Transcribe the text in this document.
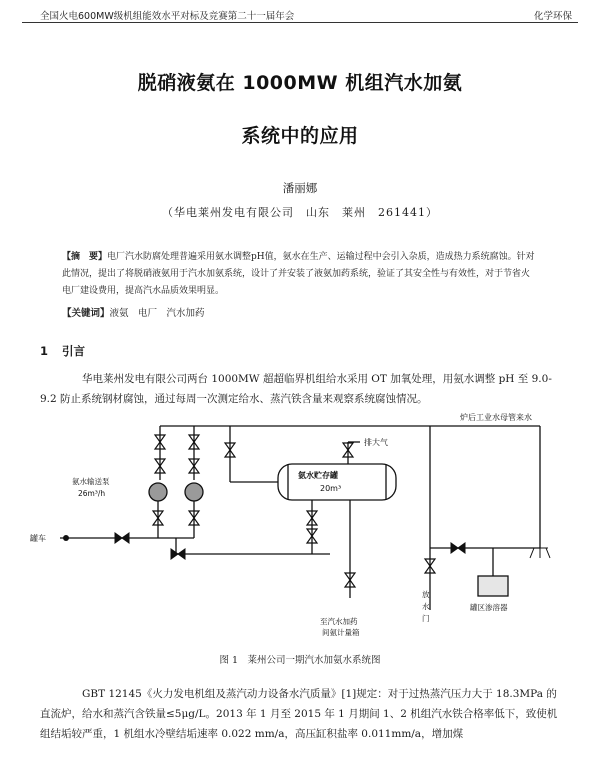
全国火电600MW级机组能效水平对标及竞赛第二十一届年会	化学环保
脱硝液氨在 1000MW 机组汽水加氨
系统中的应用
潘丽娜
（华电莱州发电有限公司　山东　莱州　261441）
【摘　要】电厂汽水防腐处理普遍采用氨水调整pH值，氨水在生产、运输过程中会引入杂质，造成热力系统腐蚀。针对此情况，提出了将脱硝液氨用于汽水加氨系统，设计了并安装了液氨加药系统，验证了其安全性与有效性，对于节省火电厂建设费用，提高汽水品质效果明显。
【关键词】液氨　电厂　汽水加药
1 引言
华电莱州发电有限公司两台 1000MW 超超临界机组给水采用 OT 加氧处理，用氨水调整 pH 至 9.0-9.2 防止系统钢材腐蚀，通过每周一次测定给水、蒸汽铁含量来观察系统腐蚀情况。
炉后工业水母管来水
排大气
氨水贮存罐
20m³
氨水输送泵
26m³/h
罐车
至汽水加药
间氨计量箱
放
水
门
罐区渗溶器
图 1　莱州公司一期汽水加氨水系统图
GBT 12145《火力发电机组及蒸汽动力设备水汽质量》[1]规定：对于过热蒸汽压力大于 18.3MPa 的直流炉，给水和蒸汽含铁量≤5μg/L。2013 年 1 月至 2015 年 1 月期间 1、2 机组汽水铁合格率低下，致使机组结垢较严重，1 机组水冷壁结垢速率 0.022 mm/a，高压缸积盐率 0.011mm/a，增加煤
